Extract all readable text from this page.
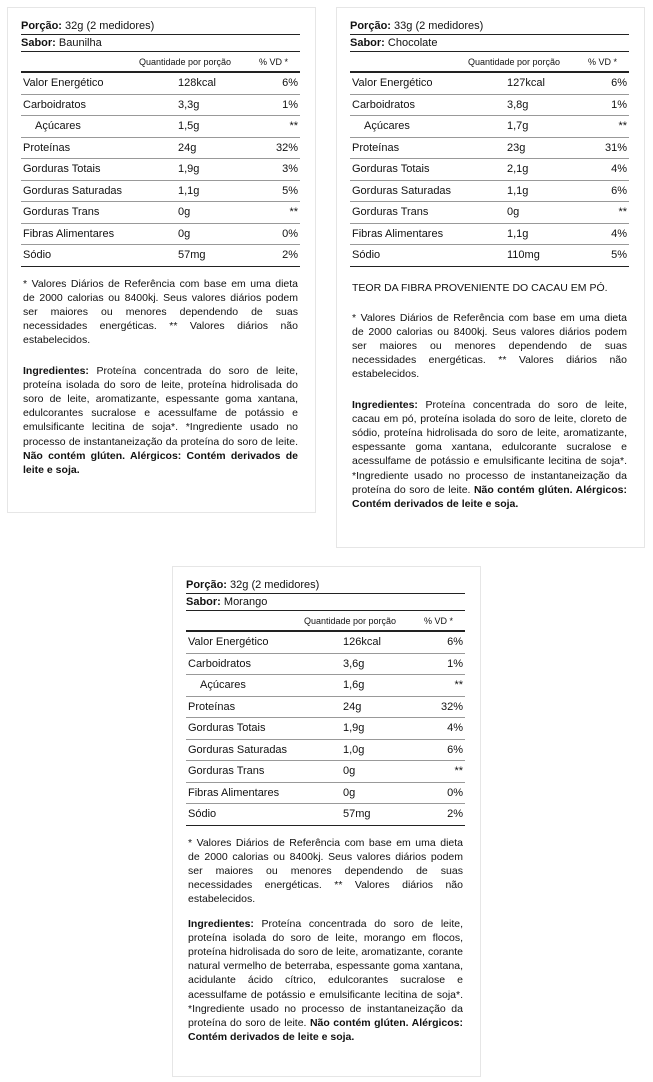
Porção: 32g (2 medidores)
Sabor: Baunilha
Quantidade por porção	% VD *
Valor Energético	128kcal	6%
Carboidratos	3,3g	1%
Açúcares	1,5g	**
Proteínas	24g	32%
Gorduras Totais	1,9g	3%
Gorduras Saturadas	1,1g	5%
Gorduras Trans	0g	**
Fibras Alimentares	0g	0%
Sódio	57mg	2%

* Valores Diários de Referência com base em uma dieta de 2000 calorias ou 8400kj. Seus valores diários podem ser maiores ou menores dependendo de suas necessidades energéticas. ** Valores diários não estabelecidos.

Ingredientes: Proteína concentrada do soro de leite, proteína isolada do soro de leite, proteína hidrolisada do soro de leite, aromatizante, espessante goma xantana, edulcorantes sucralose e acessulfame de potássio e emulsificante lecitina de soja*. *Ingrediente usado no processo de instantaneização da proteína do soro de leite. Não contém glúten. Alérgicos: Contém derivados de leite e soja.

Porção: 33g (2 medidores)
Sabor: Chocolate
Quantidade por porção	% VD *
Valor Energético	127kcal	6%
Carboidratos	3,8g	1%
Açúcares	1,7g	**
Proteínas	23g	31%
Gorduras Totais	2,1g	4%
Gorduras Saturadas	1,1g	6%
Gorduras Trans	0g	**
Fibras Alimentares	1,1g	4%
Sódio	110mg	5%
TEOR DA FIBRA PROVENIENTE DO CACAU EM PÓ.

* Valores Diários de Referência com base em uma dieta de 2000 calorias ou 8400kj. Seus valores diários podem ser maiores ou menores dependendo de suas necessidades energéticas. ** Valores diários não estabelecidos.

Ingredientes: Proteína concentrada do soro de leite, cacau em pó, proteína isolada do soro de leite, cloreto de sódio, proteína hidrolisada do soro de leite, aromatizante, espessante goma xantana, edulcorante sucralose e acessulfame de potássio e emulsificante lecitina de soja*. *Ingrediente usado no processo de instantaneização da proteína do soro de leite. Não contém glúten. Alérgicos: Contém derivados de leite e soja.

Porção: 32g (2 medidores)
Sabor: Morango
Quantidade por porção	% VD *
Valor Energético	126kcal	6%
Carboidratos	3,6g	1%
Açúcares	1,6g	**
Proteínas	24g	32%
Gorduras Totais	1,9g	4%
Gorduras Saturadas	1,0g	6%
Gorduras Trans	0g	**
Fibras Alimentares	0g	0%
Sódio	57mg	2%

* Valores Diários de Referência com base em uma dieta de 2000 calorias ou 8400kj. Seus valores diários podem ser maiores ou menores dependendo de suas necessidades energéticas. ** Valores diários não estabelecidos.

Ingredientes: Proteína concentrada do soro de leite, proteína isolada do soro de leite, morango em flocos, proteína hidrolisada do soro de leite, aromatizante, corante natural vermelho de beterraba, espessante goma xantana, acidulante ácido cítrico, edulcorantes sucralose e acessulfame de potássio e emulsificante lecitina de soja*. *Ingrediente usado no processo de instantaneização da proteína do soro de leite. Não contém glúten. Alérgicos: Contém derivados de leite e soja.
